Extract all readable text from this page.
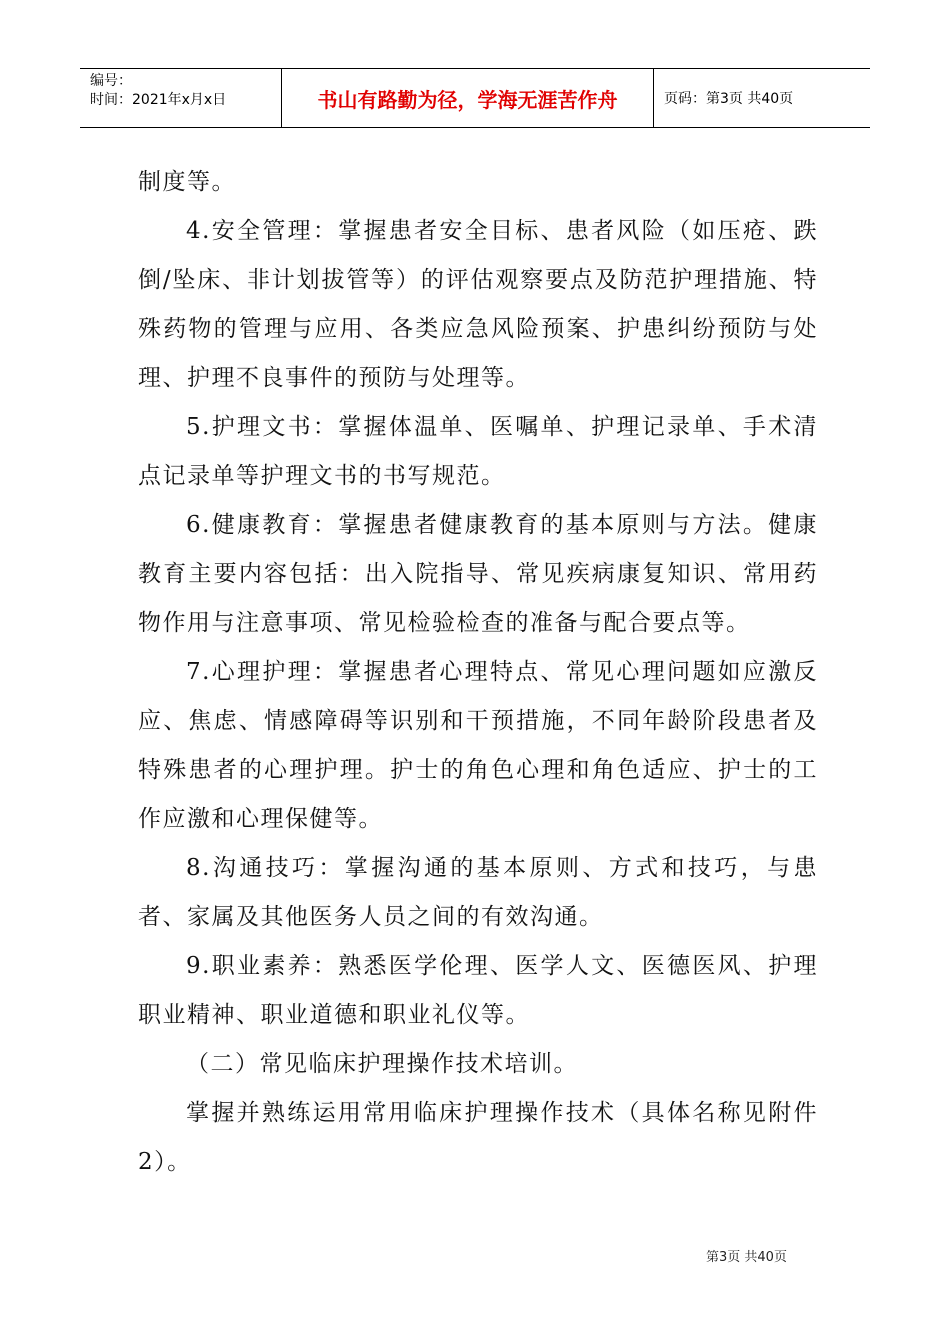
编号：
时间：2021年x月x日	书山有路勤为径，学海无涯苦作舟	页码：第3页 共40页

制度等。

4.安全管理：掌握患者安全目标、患者风险（如压疮、跌倒/坠床、非计划拔管等）的评估观察要点及防范护理措施、特殊药物的管理与应用、各类应急风险预案、护患纠纷预防与处理、护理不良事件的预防与处理等。

5.护理文书：掌握体温单、医嘱单、护理记录单、手术清点记录单等护理文书的书写规范。

6.健康教育：掌握患者健康教育的基本原则与方法。健康教育主要内容包括：出入院指导、常见疾病康复知识、常用药物作用与注意事项、常见检验检查的准备与配合要点等。

7.心理护理：掌握患者心理特点、常见心理问题如应激反应、焦虑、情感障碍等识别和干预措施，不同年龄阶段患者及特殊患者的心理护理。护士的角色心理和角色适应、护士的工作应激和心理保健等。

8.沟通技巧：掌握沟通的基本原则、方式和技巧，与患者、家属及其他医务人员之间的有效沟通。

9.职业素养：熟悉医学伦理、医学人文、医德医风、护理职业精神、职业道德和职业礼仪等。

（二）常见临床护理操作技术培训。

掌握并熟练运用常用临床护理操作技术（具体名称见附件2）。

第3页 共40页
